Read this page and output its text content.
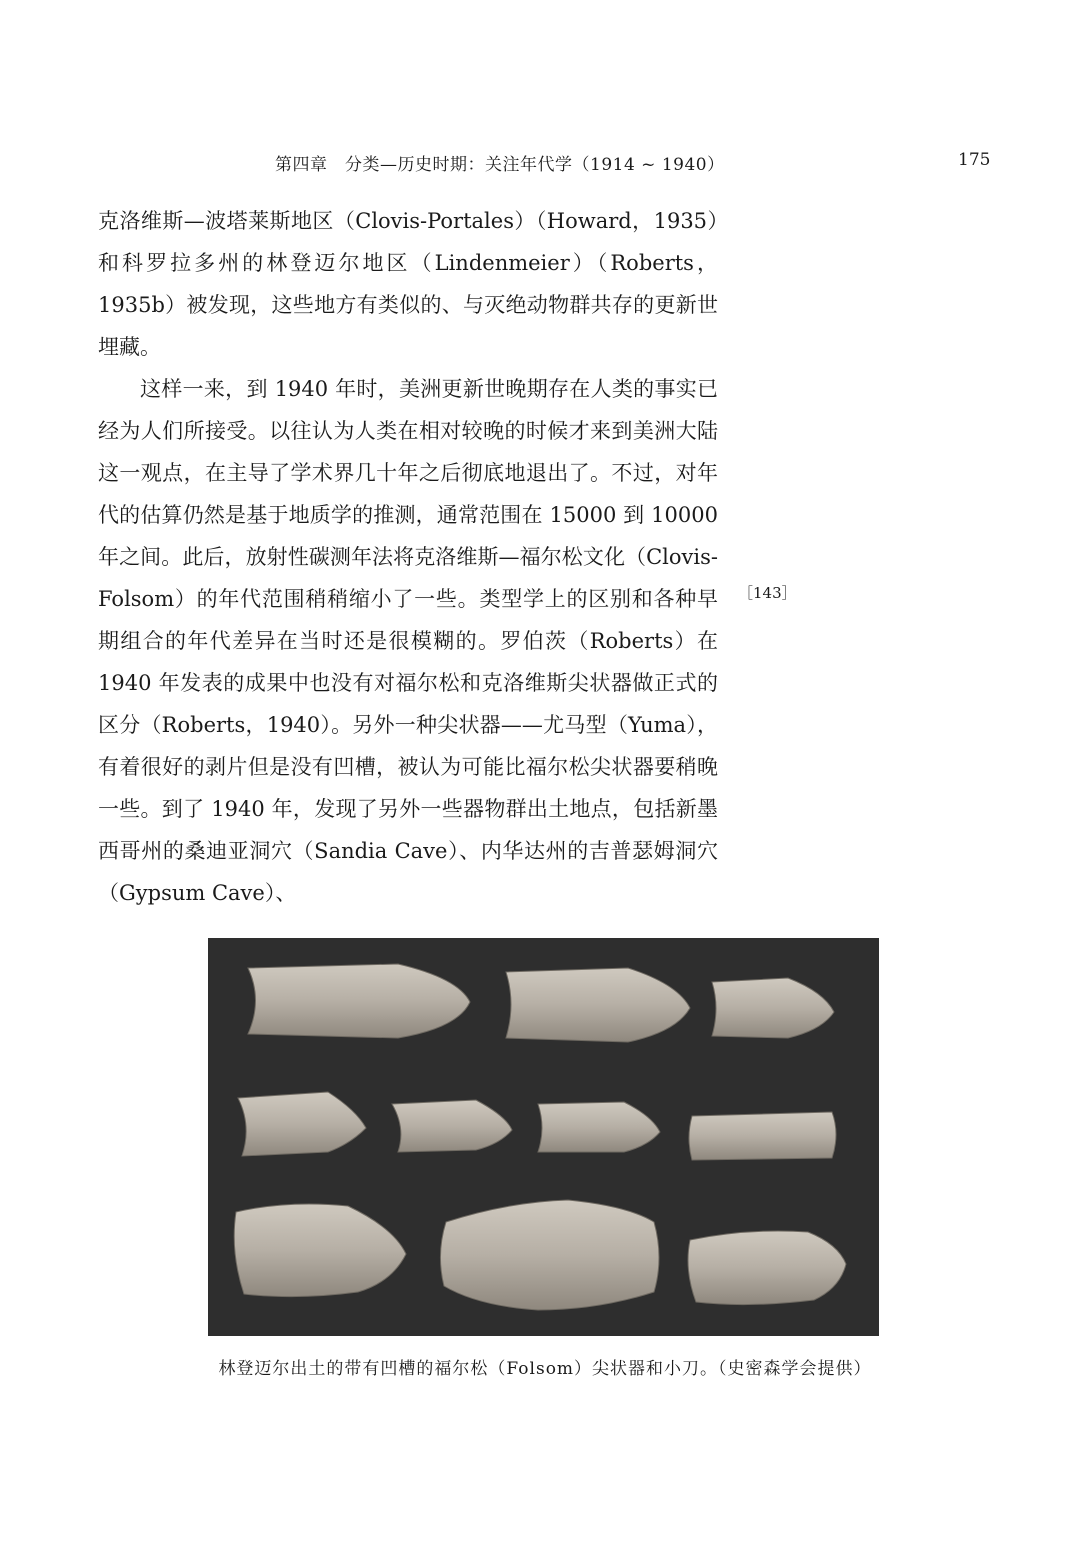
第四章　分类—历史时期：关注年代学（1914 ~ 1940）	175

克洛维斯—波塔莱斯地区（Clovis-Portales）（Howard，1935）和科罗拉多州的林登迈尔地区（Lindenmeier）（Roberts，1935b）被发现，这些地方有类似的、与灭绝动物群共存的更新世埋藏。

这样一来，到 1940 年时，美洲更新世晚期存在人类的事实已经为人们所接受。以往认为人类在相对较晚的时候才来到美洲大陆这一观点，在主导了学术界几十年之后彻底地退出了。不过，对年代的估算仍然是基于地质学的推测，通常范围在 15000 到 10000 年之间。此后，放射性碳测年法将克洛维斯—福尔松文化（Clovis-Folsom）的年代范围稍稍缩小了一些。类型学上的区别和各种早期组合的年代差异在当时还是很模糊的。罗伯茨（Roberts）在 1940 年发表的成果中也没有对福尔松和克洛维斯尖状器做正式的区分（Roberts，1940）。另外一种尖状器——尤马型（Yuma），有着很好的剥片但是没有凹槽，被认为可能比福尔松尖状器要稍晚一些。到了 1940 年，发现了另外一些器物群出土地点，包括新墨西哥州的桑迪亚洞穴（Sandia Cave）、内华达州的吉普瑟姆洞穴（Gypsum Cave）、

［143］
林登迈尔出土的带有凹槽的福尔松（Folsom）尖状器和小刀。（史密森学会提供）
